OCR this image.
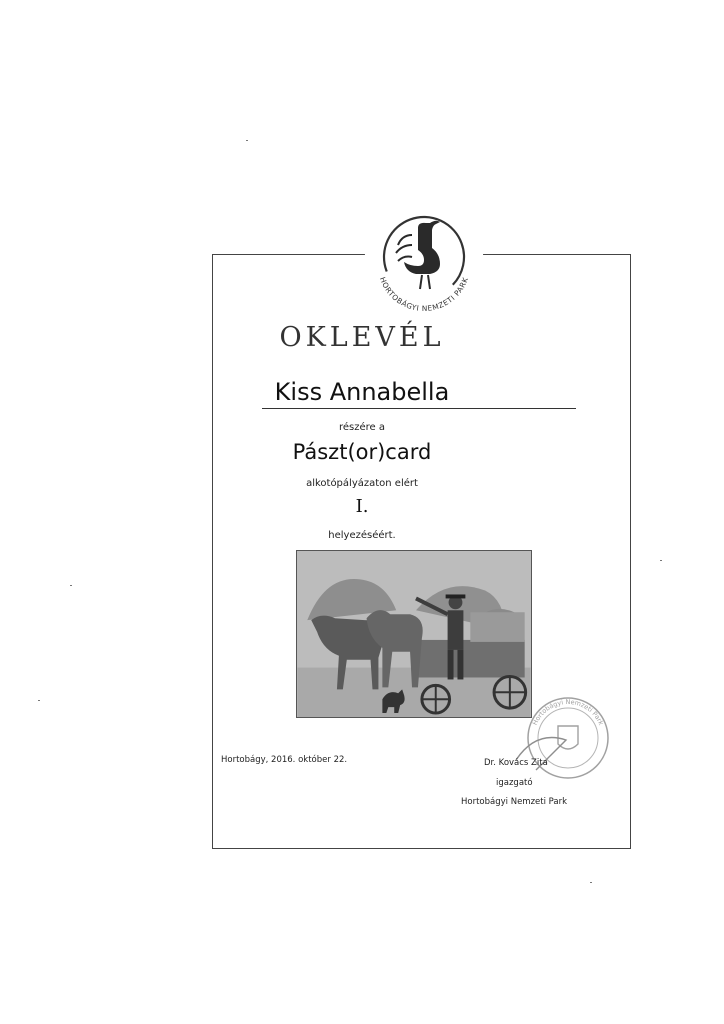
HORTOBÁGYI NEMZETI PARK
OKLEVÉL
Kiss Annabella
részére a
Pászt(or)card
alkotópályázaton elért
I.
helyezéséért.
Hortobágy, 2016. október 22.	Dr. Kovács Zita
igazgató
Hortobágyi Nemzeti Park
Hortobágyi Nemzeti Park
